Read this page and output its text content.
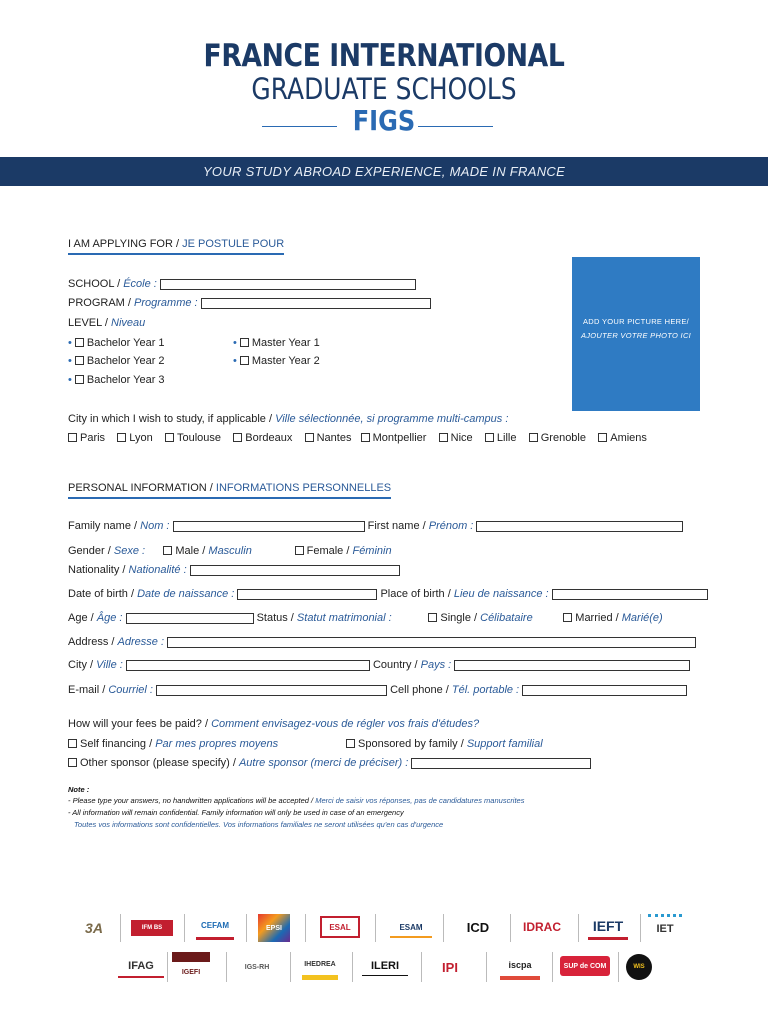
FRANCE INTERNATIONAL
GRADUATE SCHOOLS
FIGS
YOUR STUDY ABROAD EXPERIENCE, MADE IN FRANCE
I AM APPLYING FOR / JE POSTULE POUR
SCHOOL / École :
PROGRAM / Programme :
LEVEL / Niveau
• Bachelor Year 1
• Bachelor Year 2
• Bachelor Year 3
• Master Year 1
• Master Year 2
ADD YOUR PICTURE HERE/
AJOUTER VOTRE PHOTO ICI
City in which I wish to study, if applicable / Ville sélectionnée, si programme multi-campus :
Paris Lyon Toulouse Bordeaux Nantes Montpellier Nice Lille Grenoble Amiens
PERSONAL INFORMATION / INFORMATIONS PERSONNELLES
Family name / Nom :	First name / Prénom :
Gender / Sexe :	Male / Masculin	Female / Féminin
Nationality / Nationalité :
Date of birth / Date de naissance :	Place of birth / Lieu de naissance :
Age / Âge :	Status / Statut matrimonial :	Single / Célibataire	Married / Marié(e)
Address / Adresse :
City / Ville :	Country / Pays :
E-mail / Courriel :	Cell phone / Tél. portable :
How will your fees be paid? / Comment envisagez-vous de régler vos frais d'études?
Self financing / Par mes propres moyens	Sponsored by family / Support familial
Other sponsor (please specify) / Autre sponsor (merci de préciser) :
Note :
- Please type your answers, no handwritten applications will be accepted / Merci de saisir vos réponses, pas de candidatures manuscrites
- All information will remain confidential. Family information will only be used in case of an emergency
Toutes vos informations sont confidentielles. Vos informations familiales ne seront utilisées qu'en cas d'urgence
3A	IFM BS	CEFAM	EPSI	ESAL	ESAM	ICD	IDRAC	IEFT	IET
IFAG	IGEFI
IGS-RH	IHEDREA	ILERI	IPI	iscpa	SUP de COM	WIS
